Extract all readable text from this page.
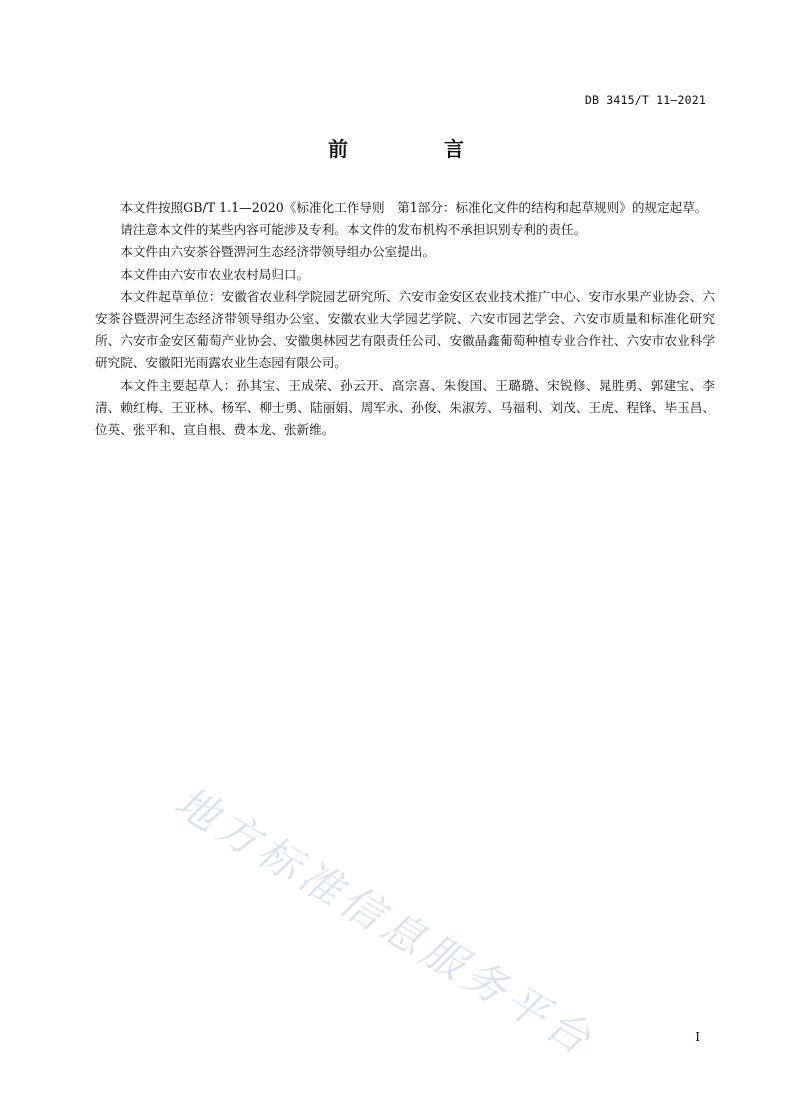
DB 3415/T 11—2021
前　言

本文件按照GB/T 1.1—2020《标准化工作导则　第1部分：标准化文件的结构和起草规则》的规定起草。

请注意本文件的某些内容可能涉及专利。本文件的发布机构不承担识别专利的责任。

本文件由六安茶谷暨淠河生态经济带领导组办公室提出。

本文件由六安市农业农村局归口。

本文件起草单位：安徽省农业科学院园艺研究所、六安市金安区农业技术推广中心、安市水果产业协会、六安茶谷暨淠河生态经济带领导组办公室、安徽农业大学园艺学院、六安市园艺学会、六安市质量和标准化研究所、六安市金安区葡萄产业协会、安徽奥林园艺有限责任公司、安徽晶鑫葡萄种植专业合作社、六安市农业科学研究院、安徽阳光雨露农业生态园有限公司。

本文件主要起草人：孙其宝、王成荣、孙云开、高宗喜、朱俊国、王璐璐、宋锐修、晁胜勇、郭建宝、李清、赖红梅、王亚林、杨军、柳士勇、陆丽娟、周军永、孙俊、朱淑芳、马福利、刘茂、王虎、程锋、毕玉昌、位英、张平和、宣自根、费本龙、张新维。

地方标准信息服务平台	I
